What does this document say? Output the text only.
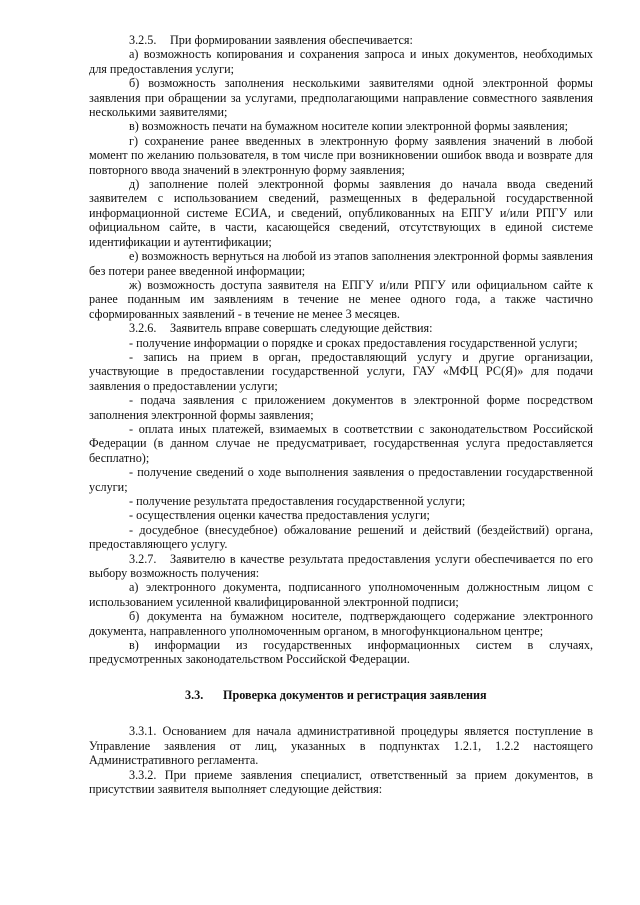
3.2.5. При формировании заявления обеспечивается:

а) возможность копирования и сохранения запроса и иных документов, необходимых для предоставления услуги;

б) возможность заполнения несколькими заявителями одной электронной формы заявления при обращении за услугами, предполагающими направление совместного заявления несколькими заявителями;

в) возможность печати на бумажном носителе копии электронной формы заявления;

г) сохранение ранее введенных в электронную форму заявления значений в любой момент по желанию пользователя, в том числе при возникновении ошибок ввода и возврате для повторного ввода значений в электронную форму заявления;

д) заполнение полей электронной формы заявления до начала ввода сведений заявителем с использованием сведений, размещенных в федеральной государственной информационной системе ЕСИА, и сведений, опубликованных на ЕПГУ и/или РПГУ или официальном сайте, в части, касающейся сведений, отсутствующих в единой системе идентификации и аутентификации;

е) возможность вернуться на любой из этапов заполнения электронной формы заявления без потери ранее введенной информации;

ж) возможность доступа заявителя на ЕПГУ и/или РПГУ или официальном сайте к ранее поданным им заявлениям в течение не менее одного года, а также частично сформированных заявлений - в течение не менее 3 месяцев.

3.2.6. Заявитель вправе совершать следующие действия:

- получение информации о порядке и сроках предоставления государственной услуги;

- запись на прием в орган, предоставляющий услугу и другие организации, участвующие в предоставлении государственной услуги, ГАУ «МФЦ РС(Я)» для подачи заявления о предоставлении услуги;

- подача заявления с приложением документов в электронной форме посредством заполнения электронной формы заявления;

- оплата иных платежей, взимаемых в соответствии с законодательством Российской Федерации (в данном случае не предусматривает, государственная услуга предоставляется бесплатно);

- получение сведений о ходе выполнения заявления о предоставлении государственной услуги;

- получение результата предоставления государственной услуги;

- осуществления оценки качества предоставления услуги;

- досудебное (внесудебное) обжалование решений и действий (бездействий) органа, предоставляющего услугу.

3.2.7. Заявителю в качестве результата предоставления услуги обеспечивается по его выбору возможность получения:

а) электронного документа, подписанного уполномоченным должностным лицом с использованием усиленной квалифицированной электронной подписи;

б) документа на бумажном носителе, подтверждающего содержание электронного документа, направленного уполномоченным органом, в многофункциональном центре;

в) информации из государственных информационных систем в случаях, предусмотренных законодательством Российской Федерации.

3.3. Проверка документов и регистрация заявления

3.3.1. Основанием для начала административной процедуры является поступление в Управление заявления от лиц, указанных в подпунктах 1.2.1, 1.2.2 настоящего Административного регламента.

3.3.2. При приеме заявления специалист, ответственный за прием документов, в присутствии заявителя выполняет следующие действия:
